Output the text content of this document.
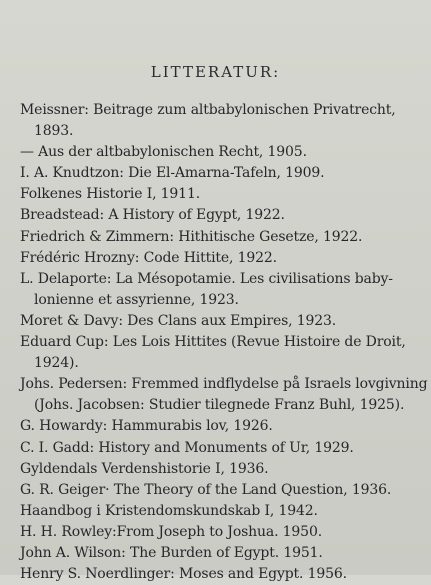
LITTERATUR:
Meissner: Beitrage zum altbabylonischen Privatrecht,
1893.
— Aus der altbabylonischen Recht, 1905.
I. A. Knudtzon: Die El-Amarna-Tafeln, 1909.
Folkenes Historie I, 1911.
Breadstead: A History of Egypt, 1922.
Friedrich & Zimmern: Hithitische Gesetze, 1922.
Frédéric Hrozny: Code Hittite, 1922.
L. Delaporte: La Mésopotamie. Les civilisations baby-
lonienne et assyrienne, 1923.
Moret & Davy: Des Clans aux Empires, 1923.
Eduard Cup: Les Lois Hittites (Revue Histoire de Droit,
1924).
Johs. Pedersen: Fremmed indflydelse på Israels lovgivning
(Johs. Jacobsen: Studier tilegnede Franz Buhl, 1925).
G. Howardy: Hammurabis lov, 1926.
C. I. Gadd: History and Monuments of Ur, 1929.
Gyldendals Verdenshistorie I, 1936.
G. R. Geiger· The Theory of the Land Question, 1936.
Haandbog i Kristendomskundskab I, 1942.
H. H. Rowley:From Joseph to Joshua. 1950.
John A. Wilson: The Burden of Egypt. 1951.
Henry S. Noerdlinger: Moses and Egypt. 1956.
